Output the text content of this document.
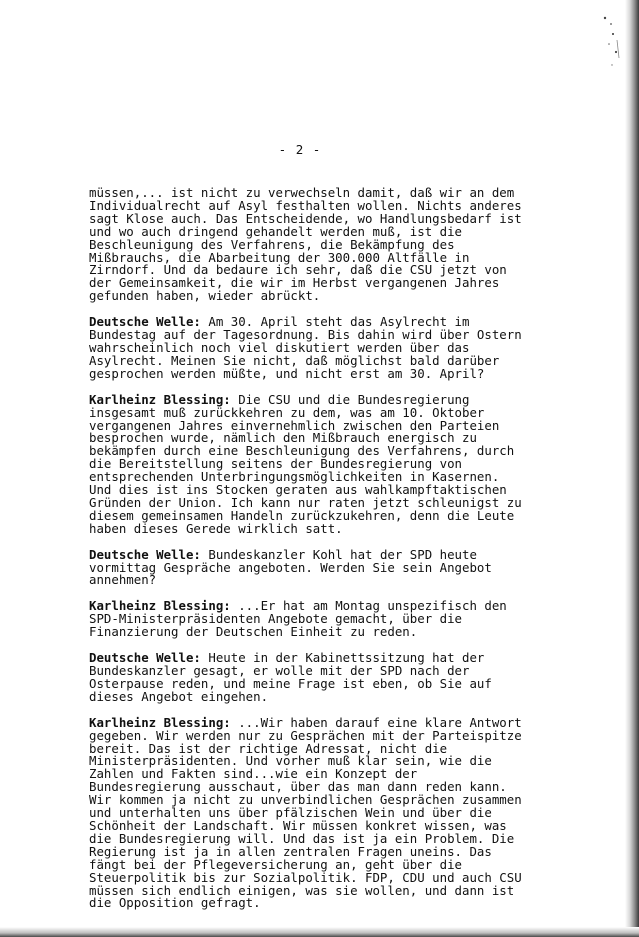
- 2 -

müssen,... ist nicht zu verwechseln damit, daß wir an dem Individualrecht auf Asyl festhalten wollen. Nichts anderes sagt Klose auch. Das Entscheidende, wo Handlungsbedarf ist und wo auch dringend gehandelt werden muß, ist die Beschleunigung des Verfahrens, die Bekämpfung des Mißbrauchs, die Abarbeitung der 300.000 Altfälle in Zirndorf. Und da bedaure ich sehr, daß die CSU jetzt von der Gemeinsamkeit, die wir im Herbst vergangenen Jahres gefunden haben, wieder abrückt.

Deutsche Welle: Am 30. April steht das Asylrecht im Bundestag auf der Tagesordnung. Bis dahin wird über Ostern wahrscheinlich noch viel diskutiert werden über das Asylrecht. Meinen Sie nicht, daß möglichst bald darüber gesprochen werden müßte, und nicht erst am 30. April?

Karlheinz Blessing: Die CSU und die Bundesregierung insgesamt muß zurückkehren zu dem, was am 10. Oktober vergangenen Jahres einvernehmlich zwischen den Parteien besprochen wurde, nämlich den Mißbrauch energisch zu bekämpfen durch eine Beschleunigung des Verfahrens, durch die Bereitstellung seitens der Bundesregierung von entsprechenden Unterbringungsmöglichkeiten in Kasernen. Und dies ist ins Stocken geraten aus wahlkampftaktischen Gründen der Union. Ich kann nur raten jetzt schleunigst zu diesem gemeinsamen Handeln zurückzukehren, denn die Leute haben dieses Gerede wirklich satt.

Deutsche Welle: Bundeskanzler Kohl hat der SPD heute vormittag Gespräche angeboten. Werden Sie sein Angebot annehmen?

Karlheinz Blessing: ...Er hat am Montag unspezifisch den SPD-Ministerpräsidenten Angebote gemacht, über die Finanzierung der Deutschen Einheit zu reden.

Deutsche Welle: Heute in der Kabinettssitzung hat der Bundeskanzler gesagt, er wolle mit der SPD nach der Osterpause reden, und meine Frage ist eben, ob Sie auf dieses Angebot eingehen.

Karlheinz Blessing: ...Wir haben darauf eine klare Antwort gegeben. Wir werden nur zu Gesprächen mit der Parteispitze bereit. Das ist der richtige Adressat, nicht die Ministerpräsidenten. Und vorher muß klar sein, wie die Zahlen und Fakten sind...wie ein Konzept der Bundesregierung ausschaut, über das man dann reden kann. Wir kommen ja nicht zu unverbindlichen Gesprächen zusammen und unterhalten uns über pfälzischen Wein und über die Schönheit der Landschaft. Wir müssen konkret wissen, was die Bundesregierung will. Und das ist ja ein Problem. Die Regierung ist ja in allen zentralen Fragen uneins. Das fängt bei der Pflegeversicherung an, geht über die Steuerpolitik bis zur Sozialpolitik. FDP, CDU und auch CSU müssen sich endlich einigen, was sie wollen, und dann ist die Opposition gefragt.
